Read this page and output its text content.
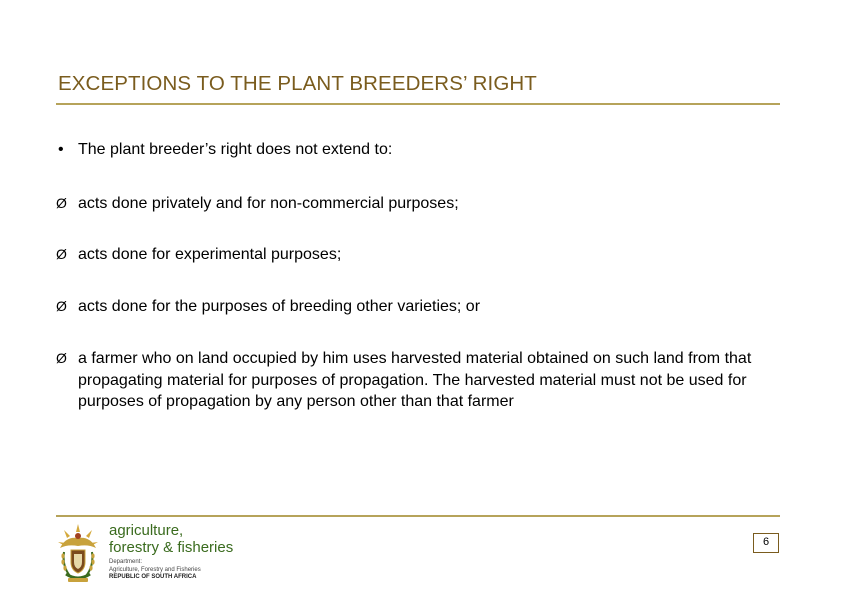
EXCEPTIONS TO THE PLANT BREEDERS’ RIGHT
• The plant breeder’s right does not extend to:
Ø acts done privately and for non-commercial purposes;
Ø acts done for experimental purposes;
Ø acts done for the purposes of breeding other varieties; or
Ø a farmer who on land occupied by him uses harvested material obtained on such land from that propagating material for purposes of propagation. The harvested material must not be used for purposes of propagation by any person other than that farmer
agriculture,
forestry & fisheries
Department:
Agriculture, Forestry and Fisheries
REPUBLIC OF SOUTH AFRICA
6
